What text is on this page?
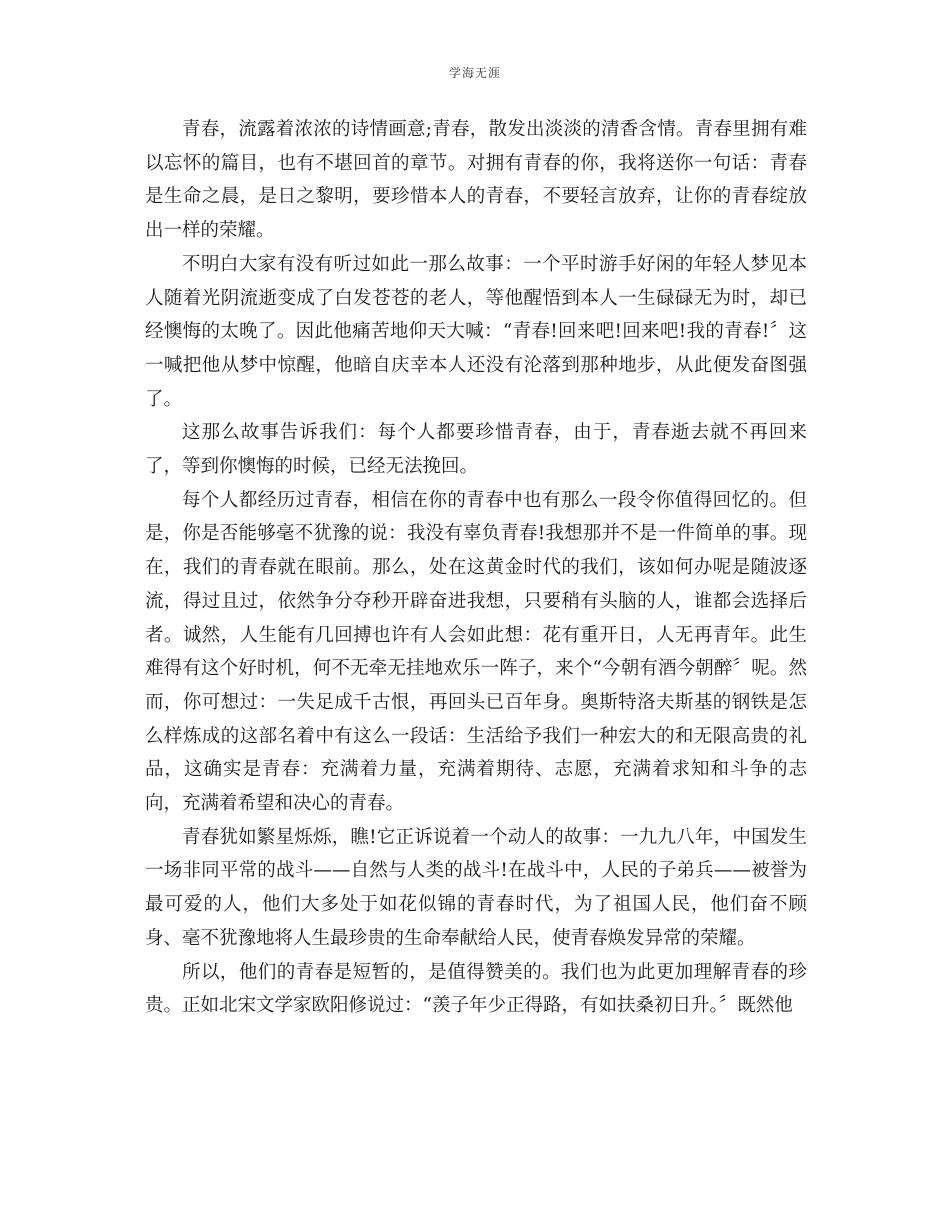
学海无涯

青春，流露着浓浓的诗情画意;青春，散发出淡淡的清香含情。青春里拥有难以忘怀的篇目，也有不堪回首的章节。对拥有青春的你，我将送你一句话：青春是生命之晨，是日之黎明，要珍惜本人的青春，不要轻言放弃，让你的青春绽放出一样的荣耀。

不明白大家有没有听过如此一那么故事：一个平时游手好闲的年轻人梦见本人随着光阴流逝变成了白发苍苍的老人，等他醒悟到本人一生碌碌无为时，却已经懊悔的太晚了。因此他痛苦地仰天大喊：“青春!回来吧!回来吧!我的青春!〞这一喊把他从梦中惊醒，他暗自庆幸本人还没有沦落到那种地步，从此便发奋图强了。

这那么故事告诉我们：每个人都要珍惜青春，由于，青春逝去就不再回来了，等到你懊悔的时候，已经无法挽回。

每个人都经历过青春，相信在你的青春中也有那么一段令你值得回忆的。但是，你是否能够毫不犹豫的说：我没有辜负青春!我想那并不是一件简单的事。现在，我们的青春就在眼前。那么，处在这黄金时代的我们，该如何办呢是随波逐流，得过且过，依然争分夺秒开辟奋进我想，只要稍有头脑的人，谁都会选择后者。诚然，人生能有几回搏也许有人会如此想：花有重开日，人无再青年。此生难得有这个好时机，何不无牵无挂地欢乐一阵子，来个“今朝有酒今朝醉〞呢。然而，你可想过：一失足成千古恨，再回头已百年身。奥斯特洛夫斯基的钢铁是怎么样炼成的这部名着中有这么一段话：生活给予我们一种宏大的和无限高贵的礼品，这确实是青春：充满着力量，充满着期待、志愿，充满着求知和斗争的志向，充满着希望和决心的青春。

青春犹如繁星烁烁，瞧!它正诉说着一个动人的故事：一九九八年，中国发生一场非同平常的战斗——自然与人类的战斗!在战斗中，人民的子弟兵——被誉为最可爱的人，他们大多处于如花似锦的青春时代，为了祖国人民，他们奋不顾身、毫不犹豫地将人生最珍贵的生命奉献给人民，使青春焕发异常的荣耀。

所以，他们的青春是短暂的，是值得赞美的。我们也为此更加理解青春的珍贵。正如北宋文学家欧阳修说过：“羡子年少正得路，有如扶桑初日升。〞既然他
